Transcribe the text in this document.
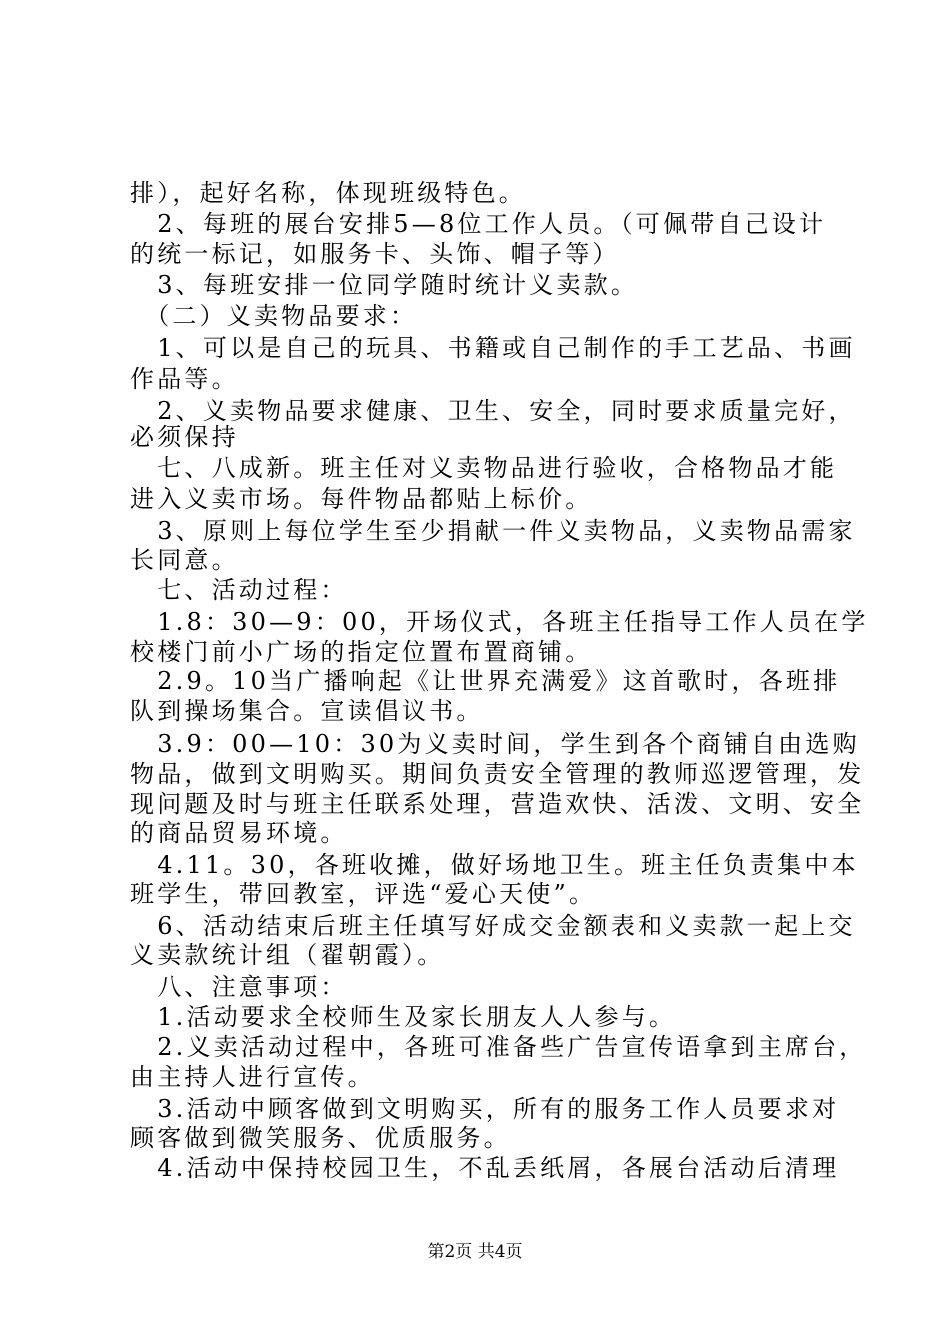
排），起好名称，体现班级特色。
　2、每班的展台安排5—8位工作人员。（可佩带自己设计
的统一标记，如服务卡、头饰、帽子等）
　3、每班安排一位同学随时统计义卖款。
　（二）义卖物品要求：
　1、可以是自己的玩具、书籍或自己制作的手工艺品、书画
作品等。
　2、义卖物品要求健康、卫生、安全，同时要求质量完好，
必须保持
　七、八成新。班主任对义卖物品进行验收，合格物品才能
进入义卖市场。每件物品都贴上标价。
　3、原则上每位学生至少捐献一件义卖物品，义卖物品需家
长同意。
　七、活动过程：
　1.8：30—9：00，开场仪式，各班主任指导工作人员在学
校楼门前小广场的指定位置布置商铺。
　2.9。10当广播响起《让世界充满爱》这首歌时，各班排
队到操场集合。宣读倡议书。
　3.9：00—10：30为义卖时间，学生到各个商铺自由选购
物品，做到文明购买。期间负责安全管理的教师巡逻管理，发
现问题及时与班主任联系处理，营造欢快、活泼、文明、安全
的商品贸易环境。
　4.11。30，各班收摊，做好场地卫生。班主任负责集中本
班学生，带回教室，评选“爱心天使”。
　6、活动结束后班主任填写好成交金额表和义卖款一起上交
义卖款统计组（翟朝霞）。
　八、注意事项：
　1.活动要求全校师生及家长朋友人人参与。
　2.义卖活动过程中，各班可准备些广告宣传语拿到主席台，
由主持人进行宣传。
　3.活动中顾客做到文明购买，所有的服务工作人员要求对
顾客做到微笑服务、优质服务。
　4.活动中保持校园卫生，不乱丢纸屑，各展台活动后清理
第2页 共4页
